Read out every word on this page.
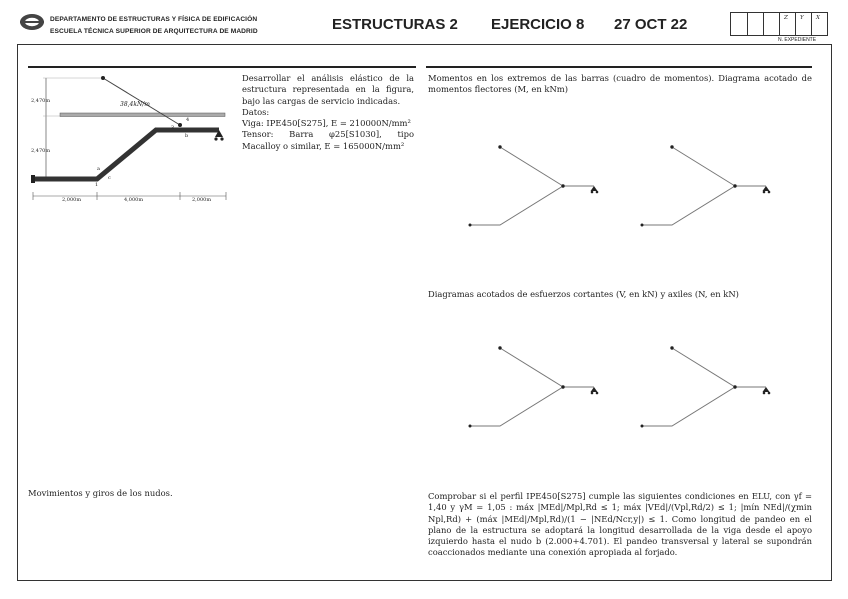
DEPARTAMENTO DE ESTRUCTURAS Y FÍSICA DE EDIFICACIÓN
ESCUELA TÉCNICA SUPERIOR DE ARQUITECTURA DE MADRID	ESTRUCTURAS 2 EJERCICIO 8 27 OCT 22	Z Y X
N. EXPEDIENTE
2,470m
2,470m
38,4kN/m
2,000m	4,000m	2,000m
a
1
c
3
4
b
Desarrollar el análisis elástico de la estructura representada en la figura, bajo las cargas de servicio indicadas.
Datos:
Viga: IPE450[S275], E = 210000N/mm²
Tensor: Barra φ25[S1030], tipo Macalloy o similar, E = 165000N/mm²
Momentos en los extremos de las barras (cuadro de momentos). Diagrama acotado de momentos flectores (M, en kNm)
Diagramas acotados de esfuerzos cortantes (V, en kN) y axiles (N, en kN)
Movimientos y giros de los nudos.	Comprobar si el perfil IPE450[S275] cumple las siguientes condiciones en ELU, con γf = 1,40 y γM = 1,05 : máx |MEd|/Mpl,Rd ≤ 1; máx |VEd|/(Vpl,Rd/2) ≤ 1; |mín NEd|/(χmin Npl,Rd) + (máx |MEd|/Mpl,Rd)/(1 − |NEd/Ncr,y|) ≤ 1. Como longitud de pandeo en el plano de la estructura se adoptará la longitud desarrollada de la viga desde el apoyo izquierdo hasta el nudo b (2.000+4.701). El pandeo transversal y lateral se supondrán coaccionados mediante una conexión apropiada al forjado.
